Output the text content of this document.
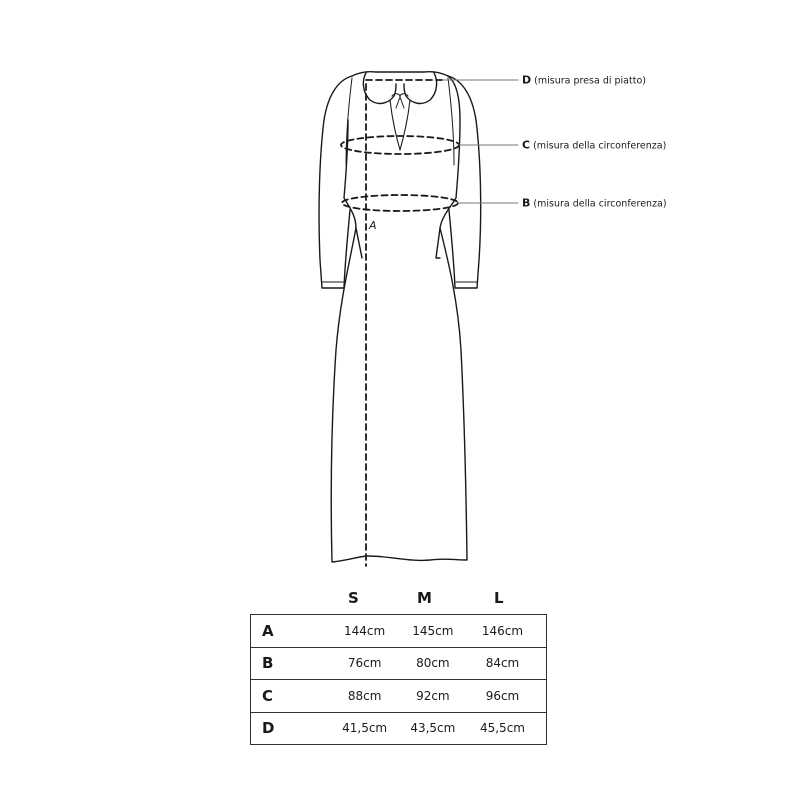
D (misura presa di piatto)
C (misura della circonferenza)
B (misura della circonferenza)
A
S	M	L
A	144cm	145cm	146cm
B	76cm	80cm	84cm
C	88cm	92cm	96cm
D	41,5cm	43,5cm	45,5cm
